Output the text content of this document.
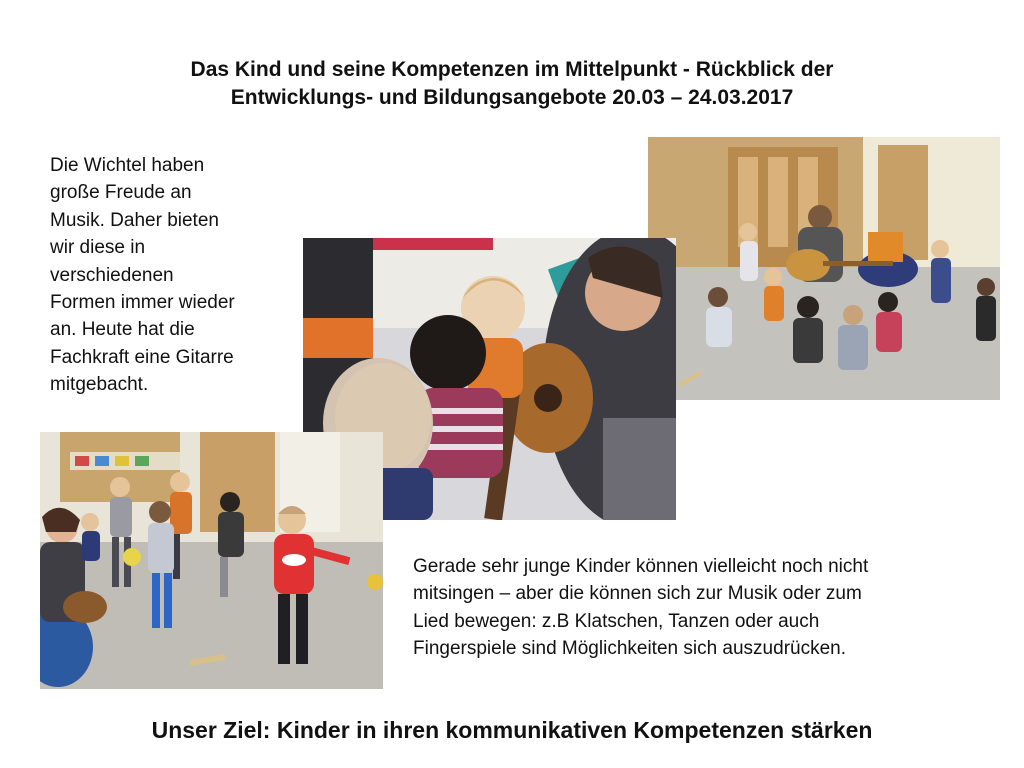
Das Kind und seine Kompetenzen im Mittelpunkt - Rückblick der
Entwicklungs- und Bildungsangebote 20.03 – 24.03.2017
Die Wichtel haben
große Freude an
Musik. Daher bieten
wir diese in
verschiedenen
Formen immer wieder
an. Heute hat die
Fachkraft eine Gitarre
mitgebacht.
Gerade sehr junge Kinder können vielleicht noch nicht
mitsingen – aber die können sich zur Musik oder zum
Lied bewegen: z.B Klatschen, Tanzen oder auch
Fingerspiele sind Möglichkeiten sich auszudrücken.
Unser Ziel: Kinder in ihren kommunikativen Kompetenzen stärken
